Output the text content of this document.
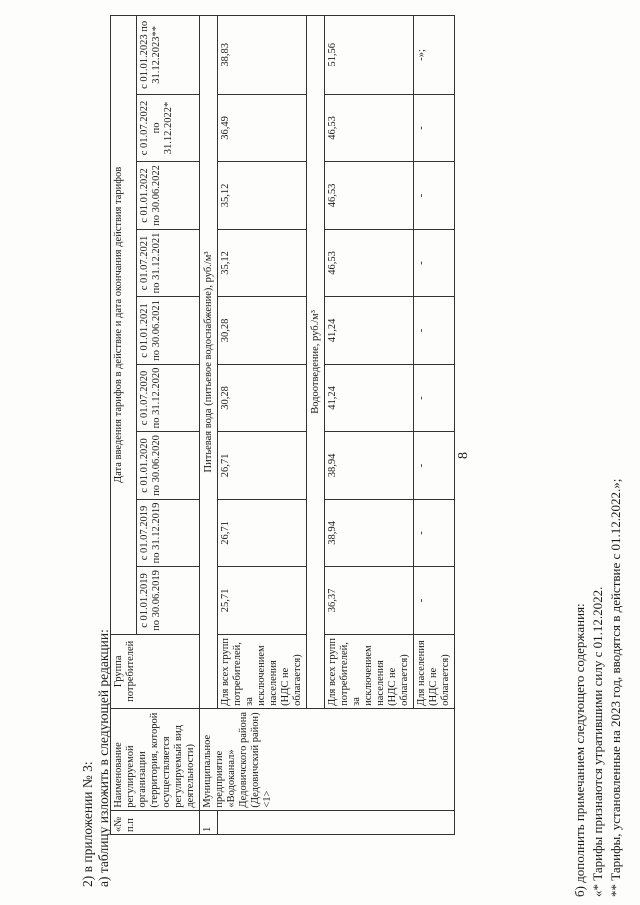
8
2) в приложении № 3: а) таблицу изложить в следующей редакции: «№ п.п	Наименование регулируемой организации (территория, которой осуществляется регулируемый вид деятельности)	Группа потребителей	Дата введения тарифов в действие и дата окончания действия тарифов								
			с 01.01.2019 по 30.06.2019	с 01.07.2019 по 31.12.2019	с 01.01.2020 по 30.06.2020	с 01.07.2020 по 31.12.2020	с 01.01.2021 по 30.06.2021	с 01.07.2021 по 31.12.2021	с 01.01.2022 по 30.06.2022	с 01.07.2022 по 31.12.2022*	с 01.01.2023 по 31.12.2023**
1	Муниципальное предприятие «Водоканал» Дедовичского района (Дедовичский район) <1>	Питьевая вода (питьевое водоснабжение), руб./м³									
		Для всех групп потребителей, за исключением населения (НДС не облагается)	25,71	26,71	26,71	30,28	30,28	35,12	35,12	36,49	38,83
		Водоотведение, руб./м³									
		Для всех групп потребителей, за исключением населения (НДС не облагается)	36,37	38,94	38,94	41,24	41,24	46,53	46,53	46,53	51,56
		Для населения (НДС не облагается)	-	-	-	-	-	-	-	-	-»;
б) дополнить примечанием следующего содержания: «* Тарифы признаются утратившими силу с 01.12.2022. ** Тарифы, установленные на 2023 год, вводятся в действие с 01.12.2022.»;
